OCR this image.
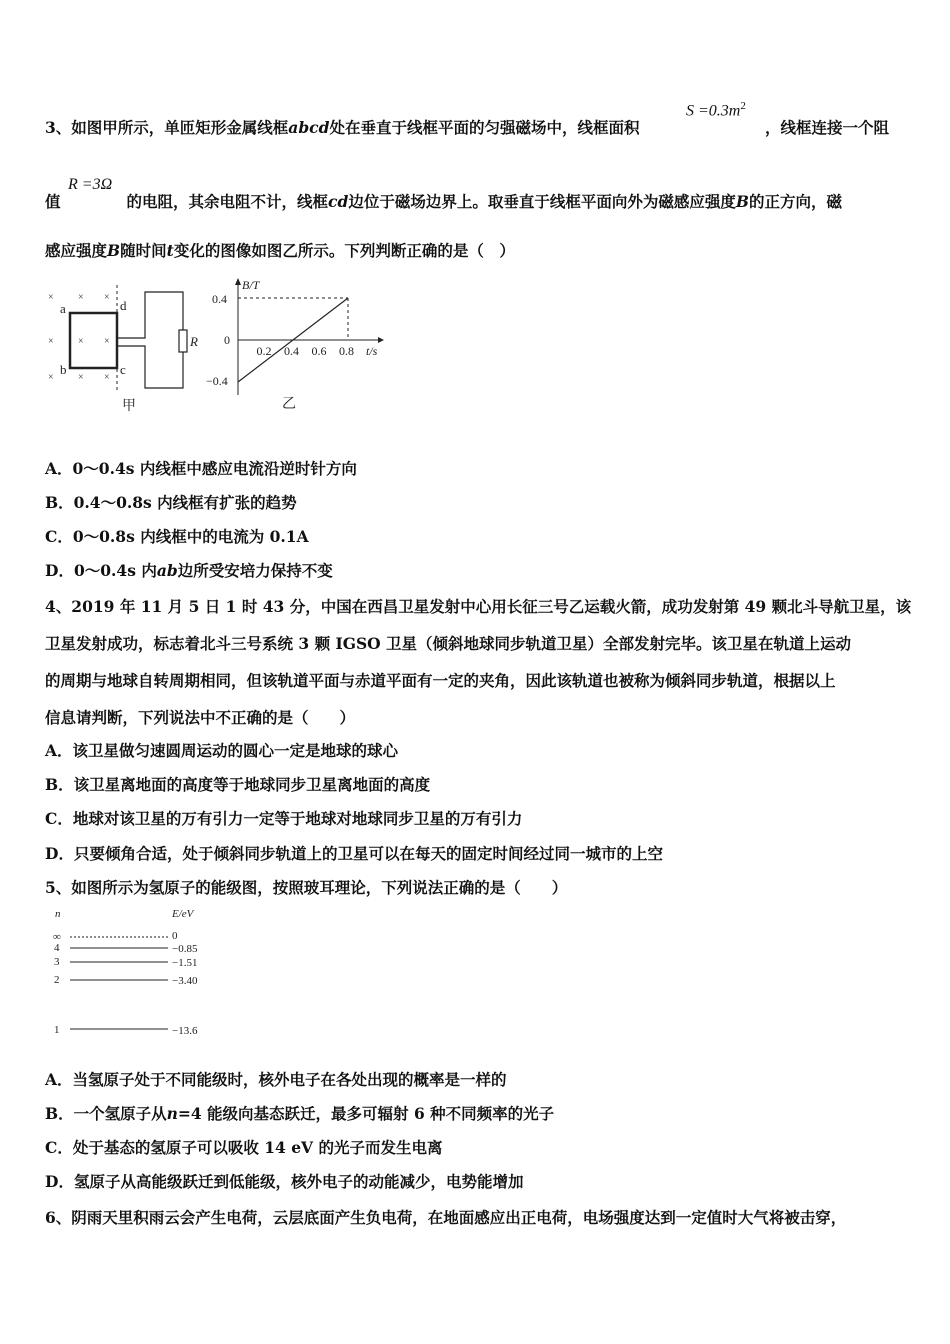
3、如图甲所示，单匝矩形金属线框abcd处在垂直于线框平面的匀强磁场中，线框面积
$S =0.3m^2$
，线框连接一个阻
值	的电阻，其余电阻不计，线框cd边位于磁场边界上。取垂直于线框平面向外为磁感应强度B的正方向，磁
R =3Ω
感应强度B随时间t变化的图像如图乙所示。下列判断正确的是（　）
× × ×
× × ×
× × ×
a
b	c
d
R
甲
B/T
t/s
0.4
−0.4
0
0.2 0.4 0.6 0.8
乙
A．0～0.4s 内线框中感应电流沿逆时针方向
B．0.4～0.8s 内线框有扩张的趋势
C．0～0.8s 内线框中的电流为 0.1A
D．0～0.4s 内ab边所受安培力保持不变
4、2019 年 11 月 5 日 1 时 43 分，中国在西昌卫星发射中心用长征三号乙运载火箭，成功发射第 49 颗北斗导航卫星，该
卫星发射成功，标志着北斗三号系统 3 颗 IGSO 卫星（倾斜地球同步轨道卫星）全部发射完毕。该卫星在轨道上运动
的周期与地球自转周期相同，但该轨道平面与赤道平面有一定的夹角，因此该轨道也被称为倾斜同步轨道，根据以上
信息请判断，下列说法中不正确的是（　　）
A．该卫星做匀速圆周运动的圆心一定是地球的球心
B．该卫星离地面的高度等于地球同步卫星离地面的高度
C．地球对该卫星的万有引力一定等于地球对地球同步卫星的万有引力
D．只要倾角合适，处于倾斜同步轨道上的卫星可以在每天的固定时间经过同一城市的上空
5、如图所示为氢原子的能级图，按照玻耳理论，下列说法正确的是（　　）
n	E/eV
∞	0
4	−0.85
3	−1.51
2	−3.40
1	−13.6
A．当氢原子处于不同能级时，核外电子在各处出现的概率是一样的
B．一个氢原子从n=4 能级向基态跃迁，最多可辐射 6 种不同频率的光子
C．处于基态的氢原子可以吸收 14 eV 的光子而发生电离
D．氢原子从高能级跃迁到低能级，核外电子的动能减少，电势能增加
6、阴雨天里积雨云会产生电荷，云层底面产生负电荷，在地面感应出正电荷，电场强度达到一定值时大气将被击穿，
